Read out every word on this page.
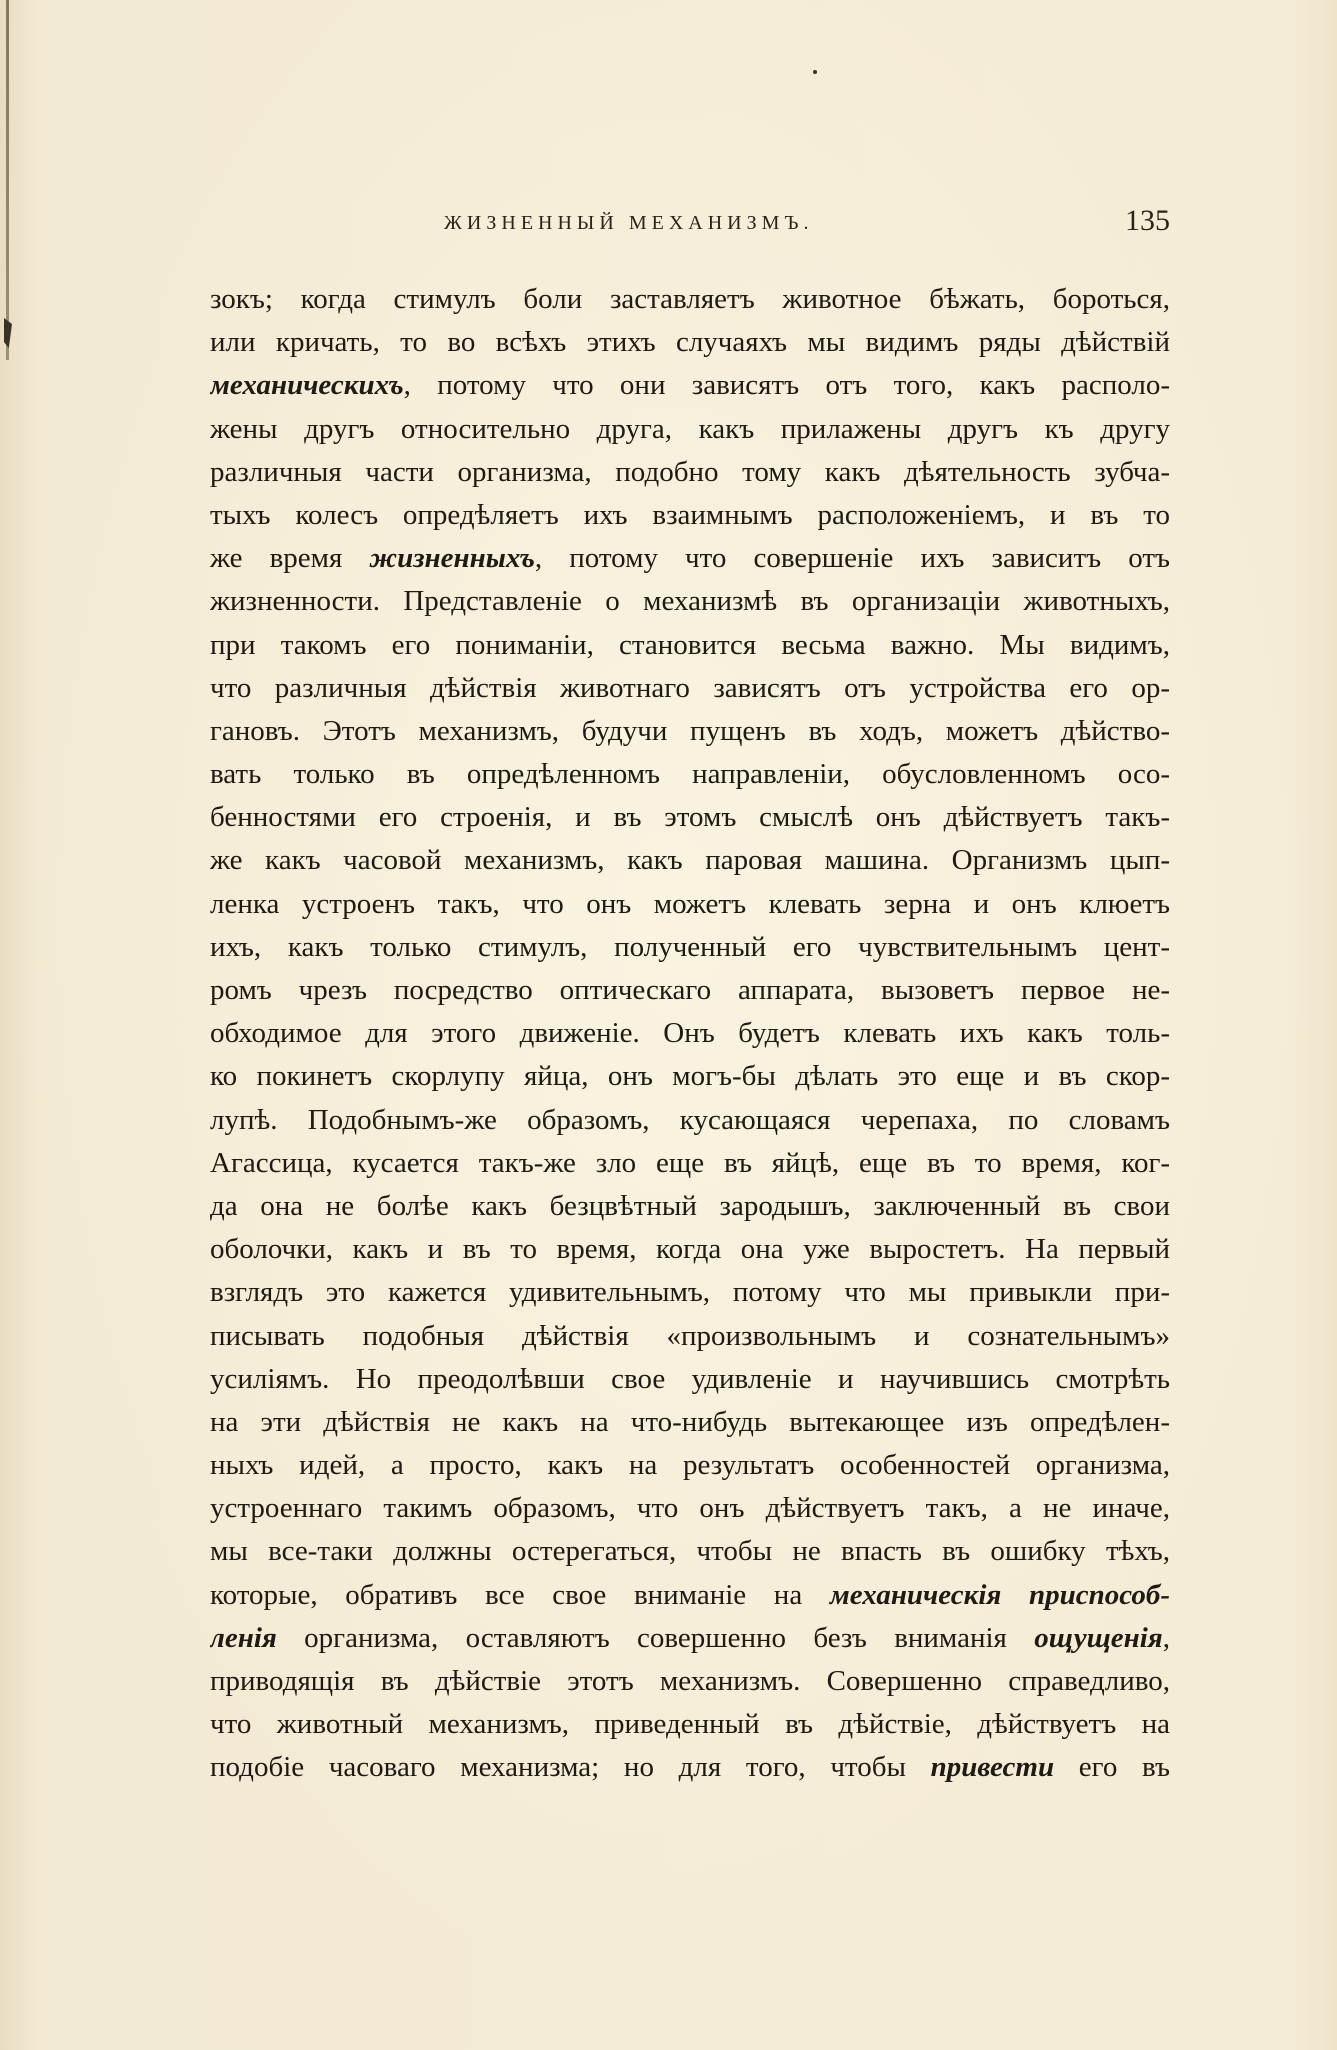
ЖИЗНЕННЫЙ МЕХАНИЗМЪ.	135
зокъ; когда стимулъ боли заставляетъ животное бѣжать, бороться,
или кричать, то во всѣхъ этихъ случаяхъ мы видимъ ряды дѣйствій
механическихъ, потому что они зависятъ отъ того, какъ располо-
жены другъ относительно друга, какъ прилажены другъ къ другу
различныя части организма, подобно тому какъ дѣятельность зубча-
тыхъ колесъ опредѣляетъ ихъ взаимнымъ расположеніемъ, и въ то
же время жизненныхъ, потому что совершеніе ихъ зависитъ отъ
жизненности. Представленіе о механизмѣ въ организаціи животныхъ,
при такомъ его пониманіи, становится весьма важно. Мы видимъ,
что различныя дѣйствія животнаго зависятъ отъ устройства его ор-
гановъ. Этотъ механизмъ, будучи пущенъ въ ходъ, можетъ дѣйство-
вать только въ опредѣленномъ направленіи, обусловленномъ осо-
бенностями его строенія, и въ этомъ смыслѣ онъ дѣйствуетъ такъ-
же какъ часовой механизмъ, какъ паровая машина. Организмъ цып-
ленка устроенъ такъ, что онъ можетъ клевать зерна и онъ клюетъ
ихъ, какъ только стимулъ, полученный его чувствительнымъ цент-
ромъ чрезъ посредство оптическаго аппарата, вызоветъ первое не-
обходимое для этого движеніе. Онъ будетъ клевать ихъ какъ толь-
ко покинетъ скорлупу яйца, онъ могъ-бы дѣлать это еще и въ скор-
лупѣ. Подобнымъ-же образомъ, кусающаяся черепаха, по словамъ
Агассица, кусается такъ-же зло еще въ яйцѣ, еще въ то время, ког-
да она не болѣе какъ безцвѣтный зародышъ, заключенный въ свои
оболочки, какъ и въ то время, когда она уже выростетъ. На первый
взглядъ это кажется удивительнымъ, потому что мы привыкли при-
писывать подобныя дѣйствія «произвольнымъ и сознательнымъ»
усиліямъ. Но преодолѣвши свое удивленіе и научившись смотрѣть
на эти дѣйствія не какъ на что-нибудь вытекающее изъ опредѣлен-
ныхъ идей, а просто, какъ на результатъ особенностей организма,
устроеннаго такимъ образомъ, что онъ дѣйствуетъ такъ, а не иначе,
мы все-таки должны остерегаться, чтобы не впасть въ ошибку тѣхъ,
которые, обративъ все свое вниманіе на механическія приспособ-
ленія организма, оставляютъ совершенно безъ вниманія ощущенія,
приводящія въ дѣйствіе этотъ механизмъ. Совершенно справедливо,
что животный механизмъ, приведенный въ дѣйствіе, дѣйствуетъ на
подобіе часоваго механизма; но для того, чтобы привести его въ
